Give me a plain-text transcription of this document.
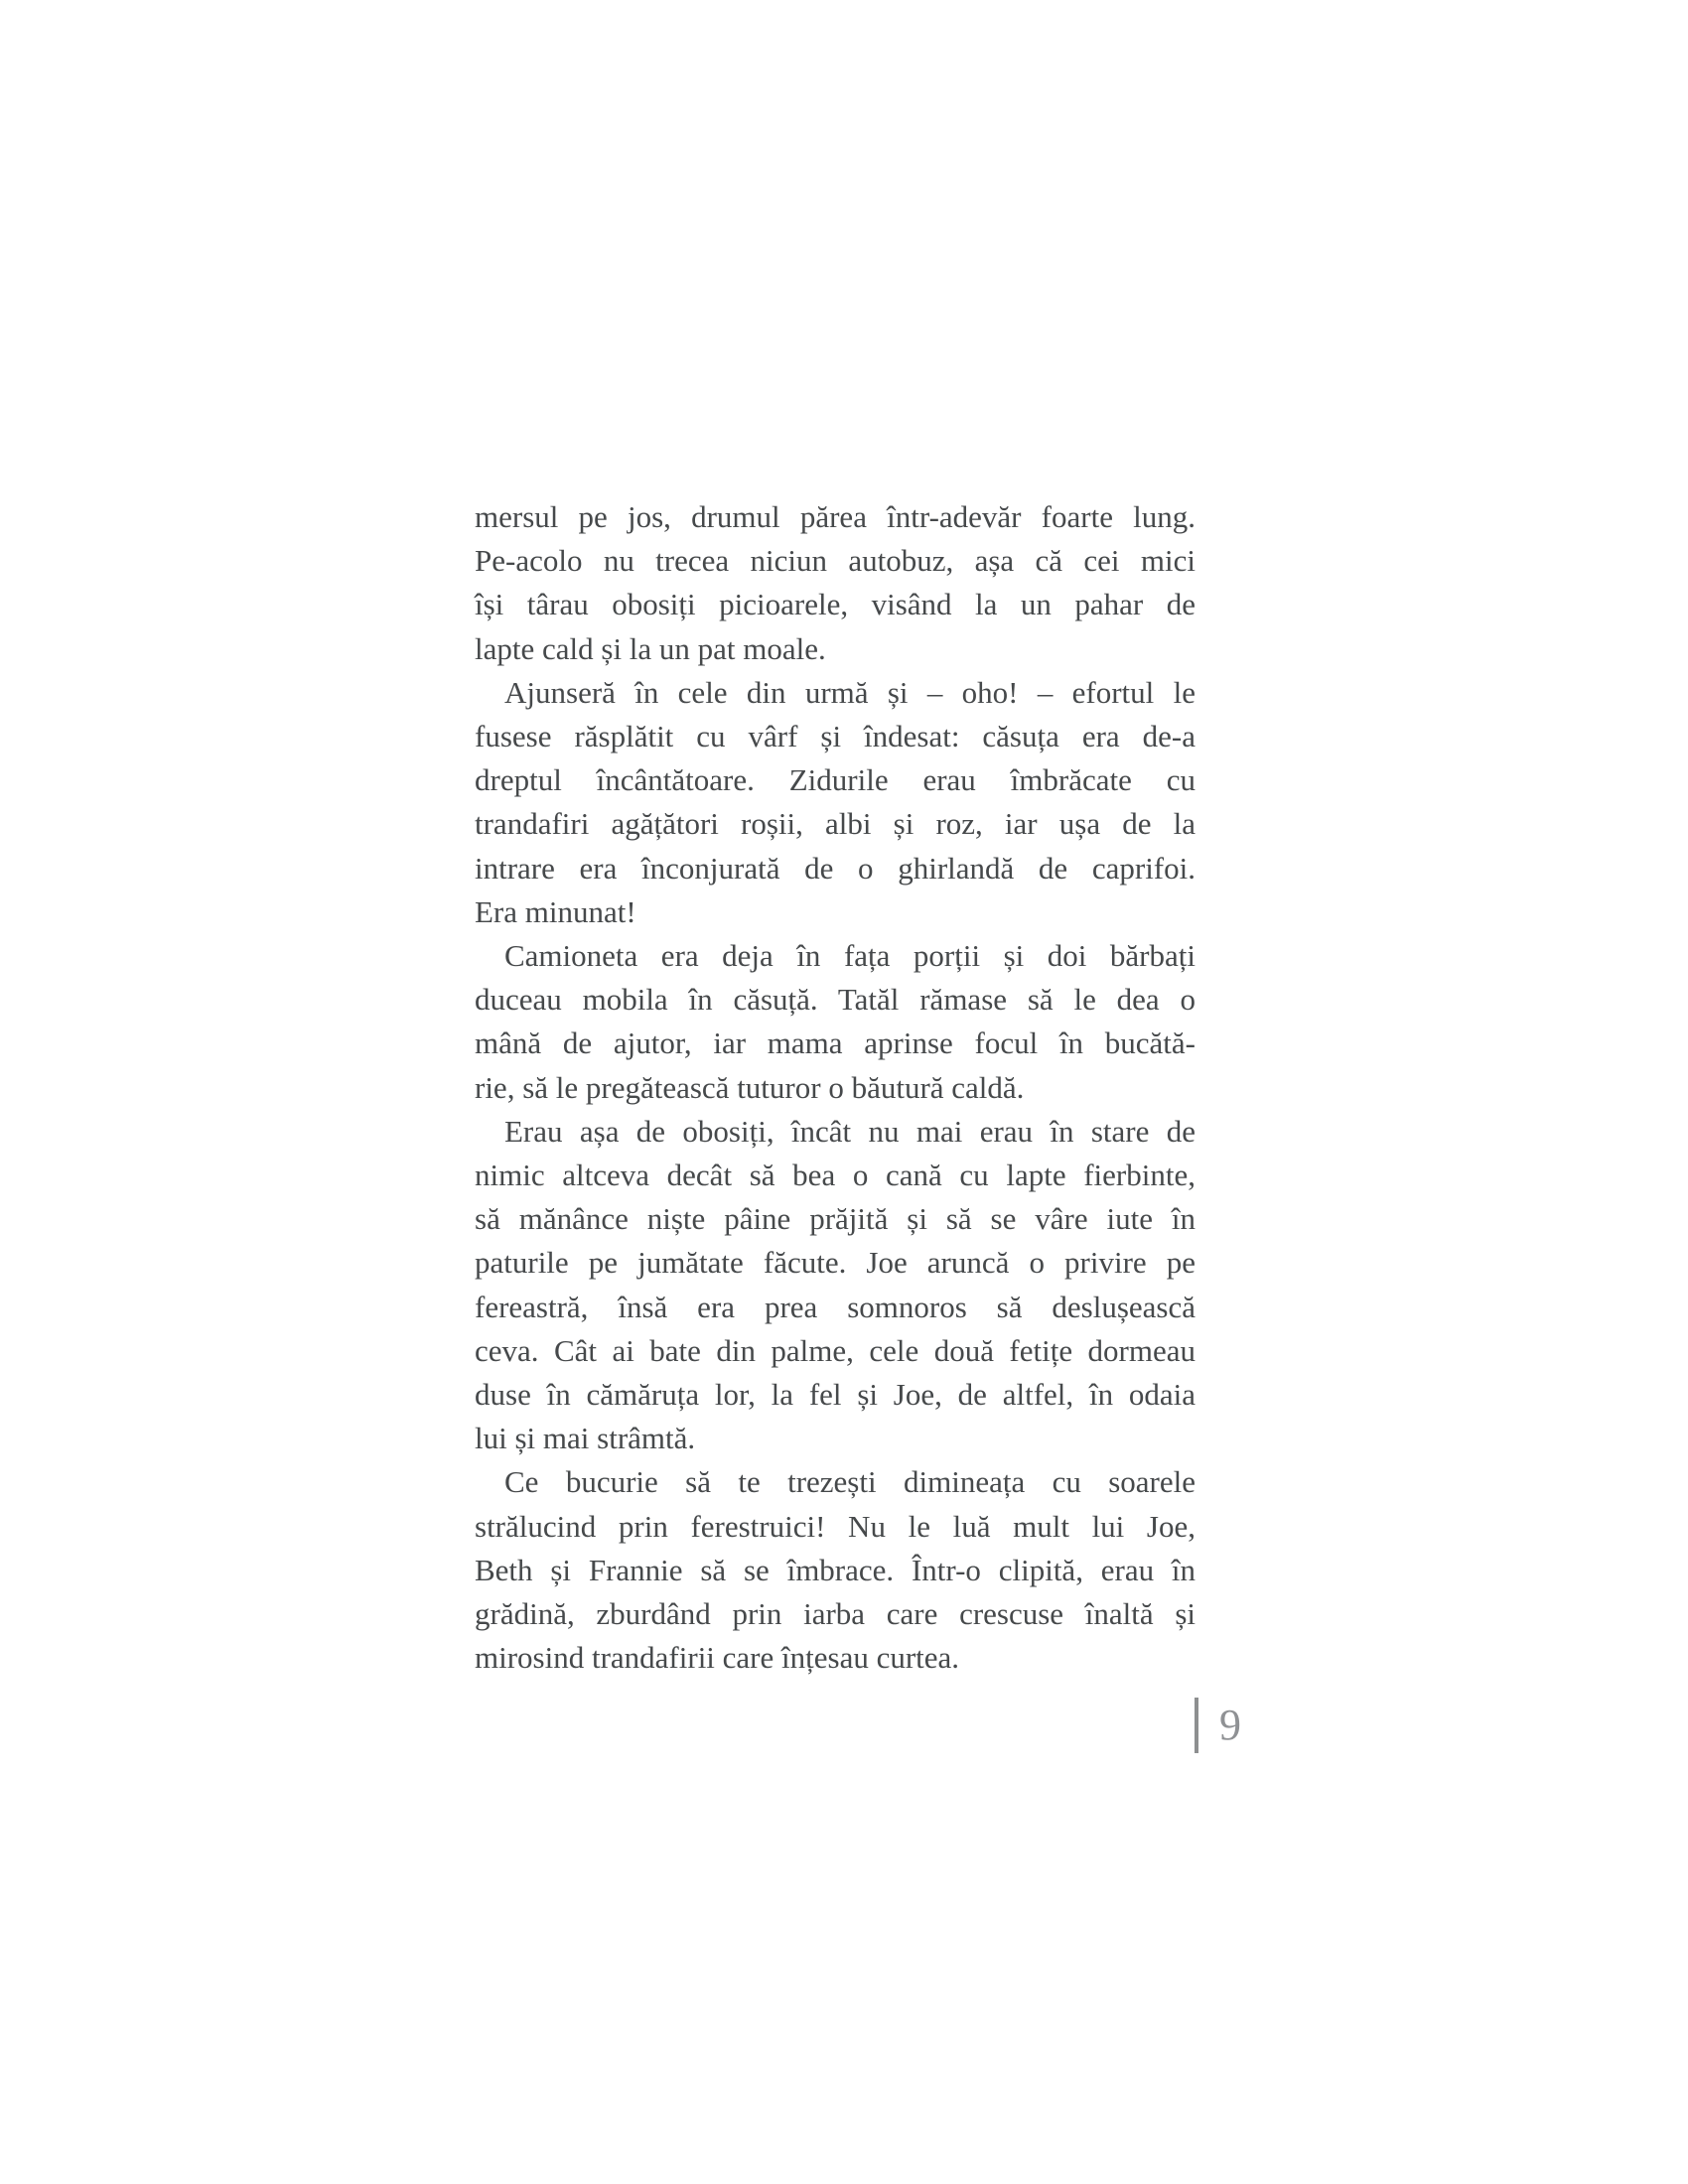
mersul pe jos, drumul părea într-adevăr foarte lung.
Pe-acolo nu trecea niciun autobuz, așa că cei mici
își târau obosiți picioarele, visând la un pahar de
lapte cald și la un pat moale.
Ajunseră în cele din urmă și – oho! – efortul le
fusese răsplătit cu vârf și îndesat: căsuța era de-a
dreptul încântătoare. Zidurile erau îmbrăcate cu
trandafiri agățători roșii, albi și roz, iar ușa de la
intrare era înconjurată de o ghirlandă de caprifoi.
Era minunat!
Camioneta era deja în fața porții și doi bărbați
duceau mobila în căsuță. Tatăl rămase să le dea o
mână de ajutor, iar mama aprinse focul în bucătă-
rie, să le pregătească tuturor o băutură caldă.
Erau așa de obosiți, încât nu mai erau în stare de
nimic altceva decât să bea o cană cu lapte fierbinte,
să mănânce niște pâine prăjită și să se vâre iute în
paturile pe jumătate făcute. Joe aruncă o privire pe
fereastră, însă era prea somnoros să deslușească
ceva. Cât ai bate din palme, cele două fetițe dormeau
duse în cămăruța lor, la fel și Joe, de altfel, în odaia
lui și mai strâmtă.
Ce bucurie să te trezești dimineața cu soarele
strălucind prin ferestruici! Nu le luă mult lui Joe,
Beth și Frannie să se îmbrace. Într-o clipită, erau în
grădină, zburdând prin iarba care crescuse înaltă și
mirosind trandafirii care înțesau curtea.
9
